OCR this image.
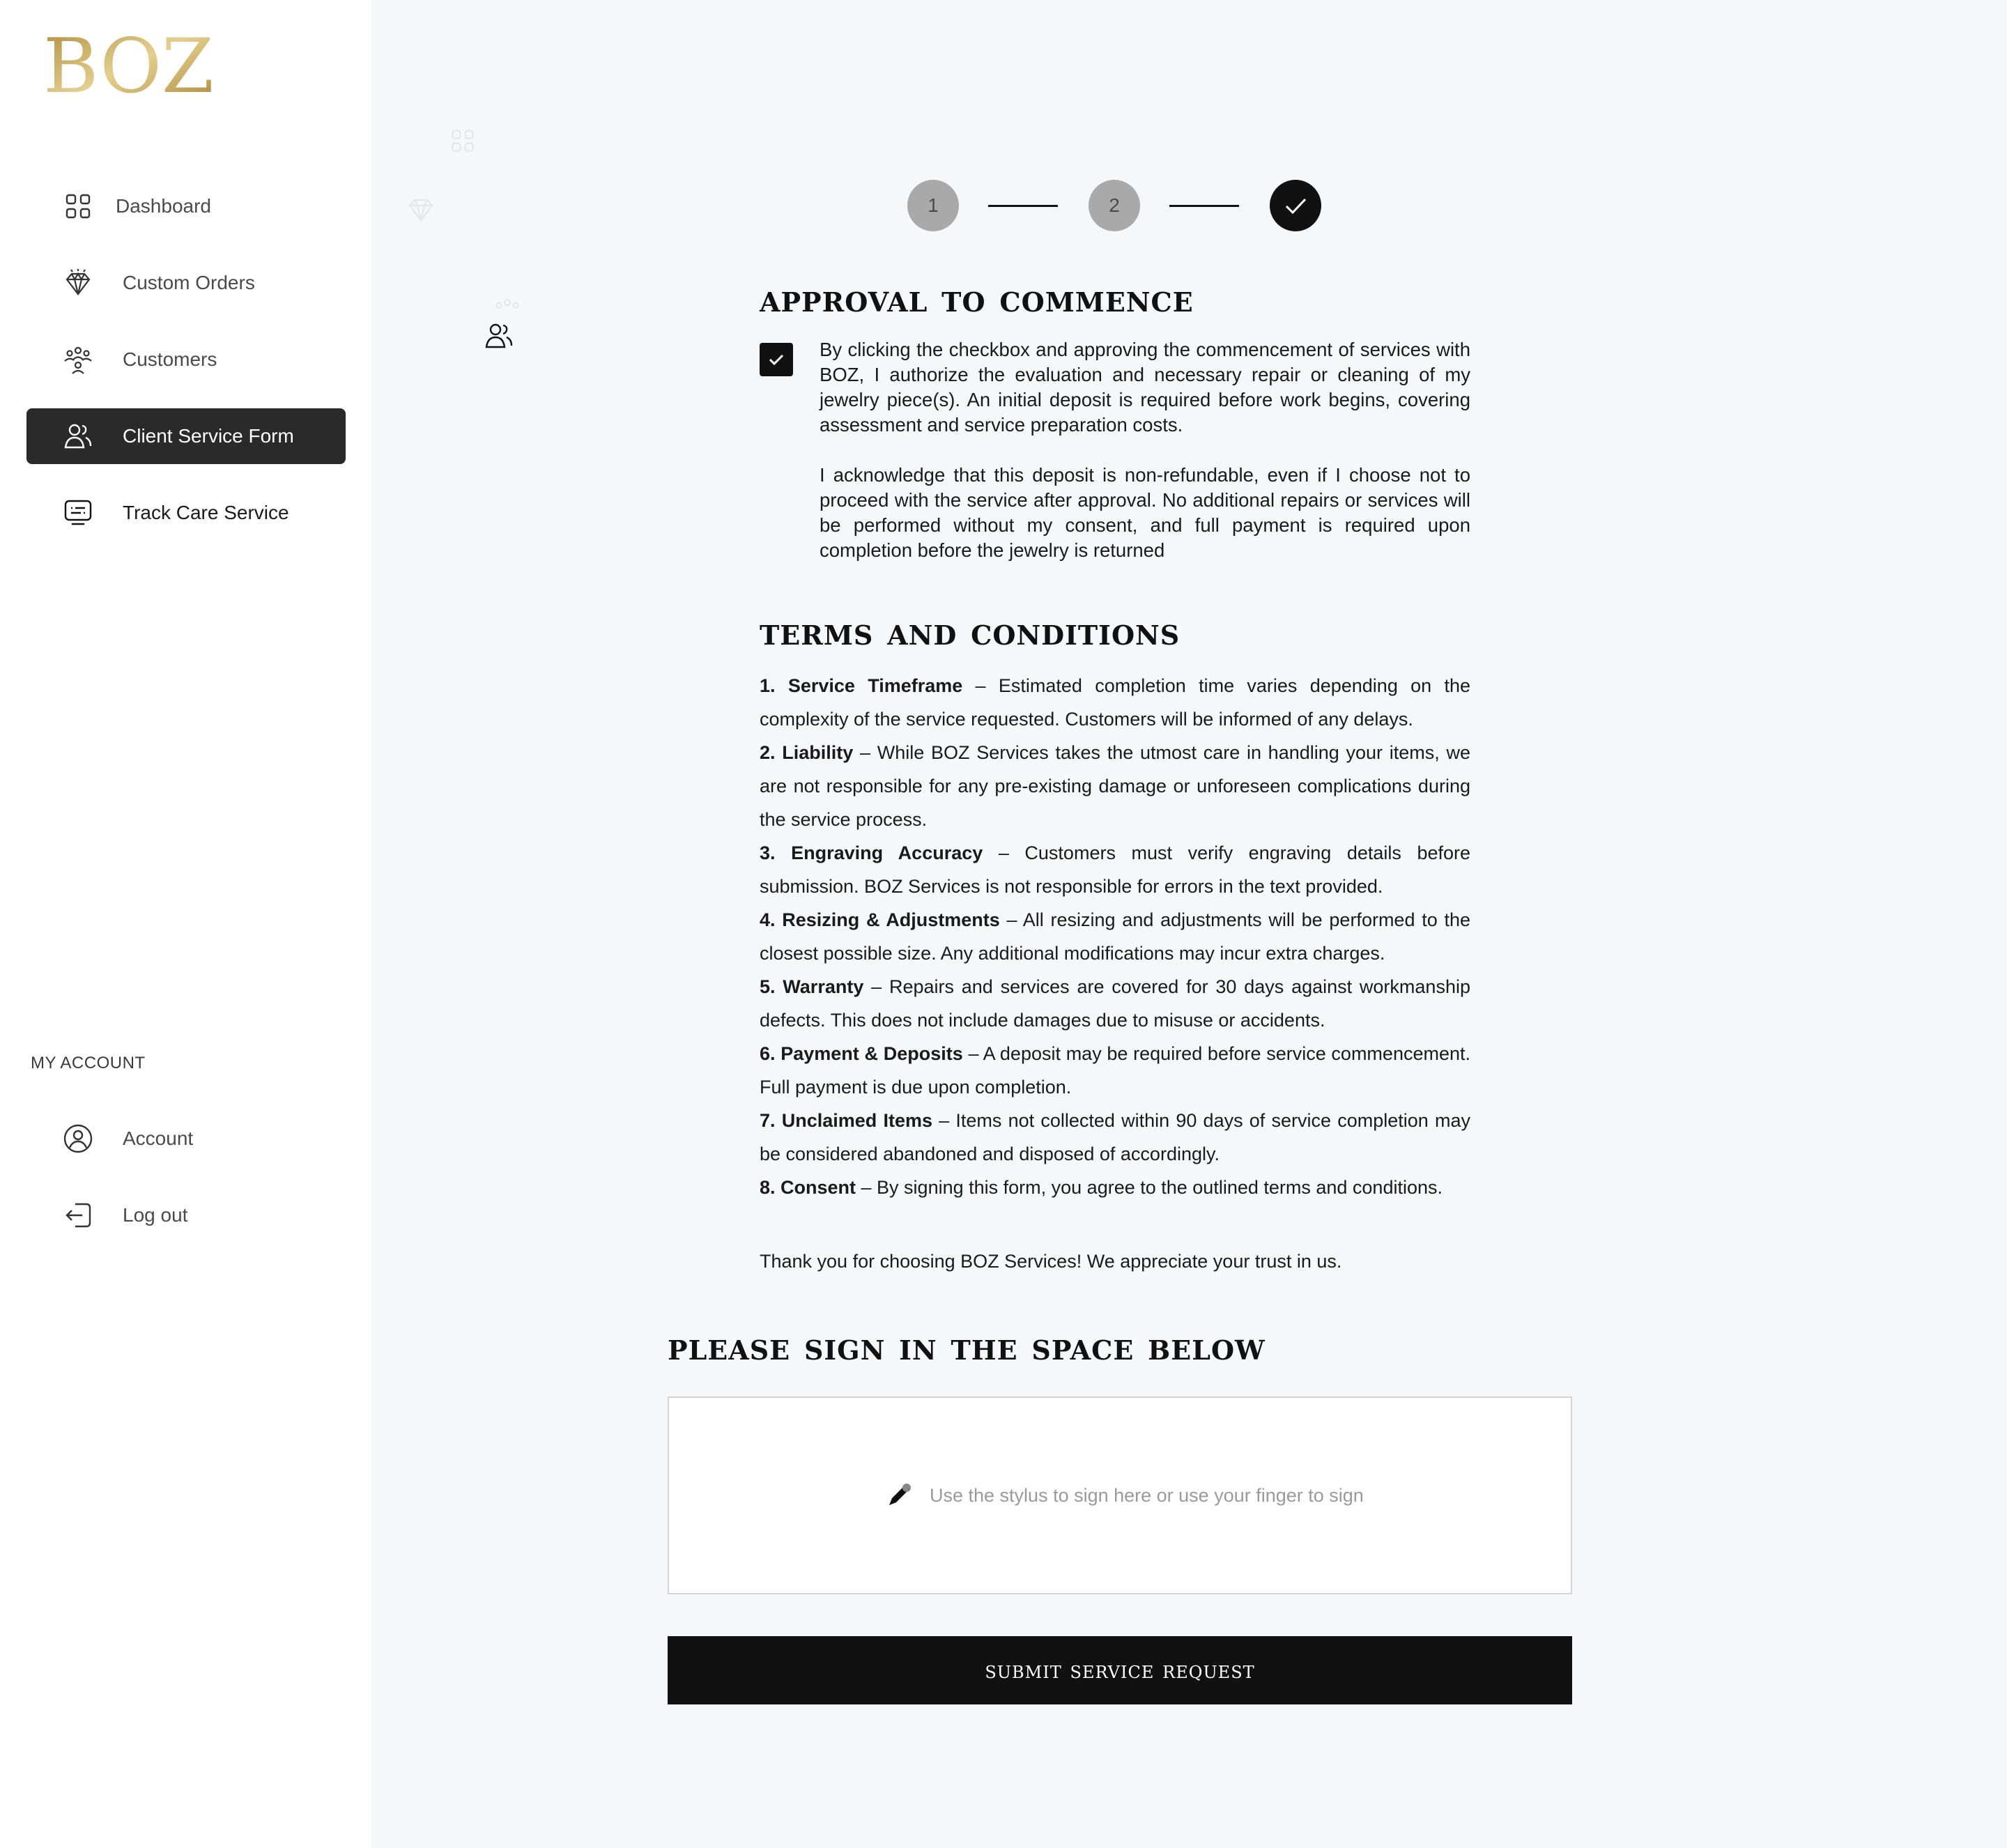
BOZ
Dashboard
Custom Orders
Customers
Client Service Form
Track Care Service
MY ACCOUNT
Account
Log out
1	2
approval to commence

By clicking the checkbox and approving the commencement of services with BOZ, I authorize the evaluation and necessary repair or cleaning of my jewelry piece(s). An initial deposit is required before work begins, covering assessment and service preparation costs.

I acknowledge that this deposit is non-refundable, even if I choose not to proceed with the service after approval. No additional repairs or services will be performed without my consent, and full payment is required upon completion before the jewelry is returned

terms and conditions
1. Service Timeframe – Estimated completion time varies depending on the complexity of the service requested. Customers will be informed of any delays.
2. Liability – While BOZ Services takes the utmost care in handling your items, we are not responsible for any pre-existing damage or unforeseen complications during the service process.
3. Engraving Accuracy – Customers must verify engraving details before submission. BOZ Services is not responsible for errors in the text provided.
4. Resizing & Adjustments – All resizing and adjustments will be performed to the closest possible size. Any additional modifications may incur extra charges.
5. Warranty – Repairs and services are covered for 30 days against workmanship defects. This does not include damages due to misuse or accidents.
6. Payment & Deposits – A deposit may be required before service commencement. Full payment is due upon completion.
7. Unclaimed Items – Items not collected within 90 days of service completion may be considered abandoned and disposed of accordingly.
8. Consent – By signing this form, you agree to the outlined terms and conditions.
Thank you for choosing BOZ Services! We appreciate your trust in us.
please sign in the space below
Use the stylus to sign here or use your finger to sign
submit service request
